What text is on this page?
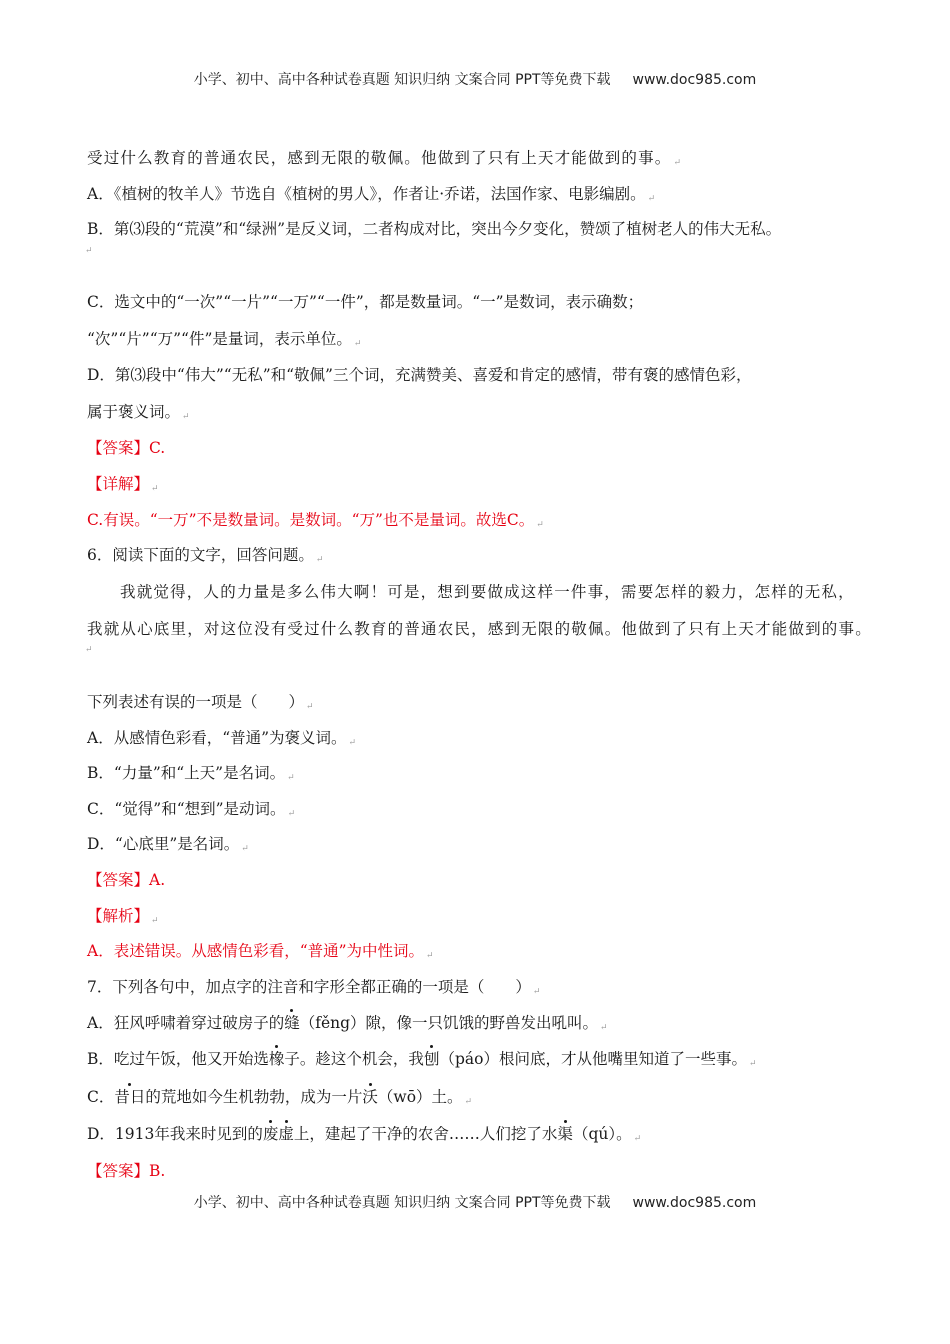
小学、初中、高中各种试卷真题 知识归纳 文案合同 PPT等免费下载 www.doc985.com
受过什么教育的普通农民，感到无限的敬佩。他做到了只有上天才能做到的事。 ↵
A．《植树的牧羊人》节选自《植树的男人》，作者让·乔诺，法国作家、电影编剧。 ↵
B．第⑶段的“荒漠”和“绿洲”是反义词，二者构成对比，突出今夕变化，赞颂了植树老人的伟大无私。
↵
C．选文中的“一次”“一片”“一万”“一件”，都是数量词。“一”是数词，表示确数；
“次”“片”“万”“件”是量词，表示单位。 ↵
D．第⑶段中“伟大”“无私”和“敬佩”三个词，充满赞美、喜爱和肯定的感情，带有褒的感情色彩，
属于褒义词。 ↵
【答案】C.
【详解】 ↵
C.有误。“一万”不是数量词。是数词。“万”也不是量词。故选C。 ↵
6．阅读下面的文字，回答问题。 ↵
我就觉得，人的力量是多么伟大啊！可是，想到要做成这样一件事，需要怎样的毅力，怎样的无私，
我就从心底里，对这位没有受过什么教育的普通农民，感到无限的敬佩。他做到了只有上天才能做到的事。
↵
下列表述有误的一项是（　　） ↵
A．从感情色彩看，“普通”为褒义词。 ↵
B．“力量”和“上天”是名词。 ↵
C．“觉得”和“想到”是动词。 ↵
D．“心底里”是名词。 ↵
【答案】A.
【解析】 ↵
A．表述错误。从感情色彩看，“普通”为中性词。 ↵
7．下列各句中，加点字的注音和字形全都正确的一项是（　　） ↵
A．狂风呼啸着穿过破房子的缝（fěng）隙，像一只饥饿的野兽发出吼叫。 ↵
B．吃过午饭，他又开始选橡子。趁这个机会，我刨（páo）根问底，才从他嘴里知道了一些事。 ↵
C．昔日的荒地如今生机勃勃，成为一片沃（wō）土。 ↵
D．1913年我来时见到的废虚上，建起了干净的农舍……人们挖了水渠（qú）。 ↵
【答案】B.
小学、初中、高中各种试卷真题 知识归纳 文案合同 PPT等免费下载 www.doc985.com
